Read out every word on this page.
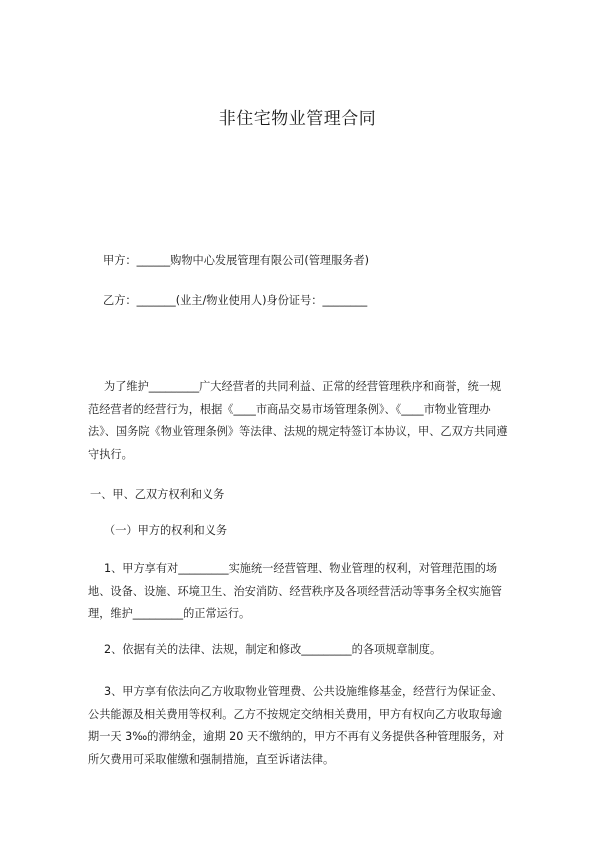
非住宅物业管理合同
甲方：______购物中心发展管理有限公司(管理服务者)
乙方：_______(业主/物业使用人)身份证号：________

为了维护_________广大经营者的共同利益、正常的经营管理秩序和商誉，统一规范经营者的经营行为，根据《____市商品交易市场管理条例》、《____市物业管理办法》、国务院《物业管理条例》等法律、法规的规定特签订本协议，甲、乙双方共同遵守执行。

一、甲、乙双方权利和义务
（一）甲方的权利和义务

1、甲方享有对_________实施统一经营管理、物业管理的权利，对管理范围的场地、设备、设施、环境卫生、治安消防、经营秩序及各项经营活动等事务全权实施管理，维护_________的正常运行。

2、依据有关的法律、法规，制定和修改_________的各项规章制度。

3、甲方享有依法向乙方收取物业管理费、公共设施维修基金，经营行为保证金、公共能源及相关费用等权利。乙方不按规定交纳相关费用，甲方有权向乙方收取每逾期一天 3‰的滞纳金，逾期 20 天不缴纳的，甲方不再有义务提供各种管理服务，对所欠费用可采取催缴和强制措施，直至诉诸法律。
